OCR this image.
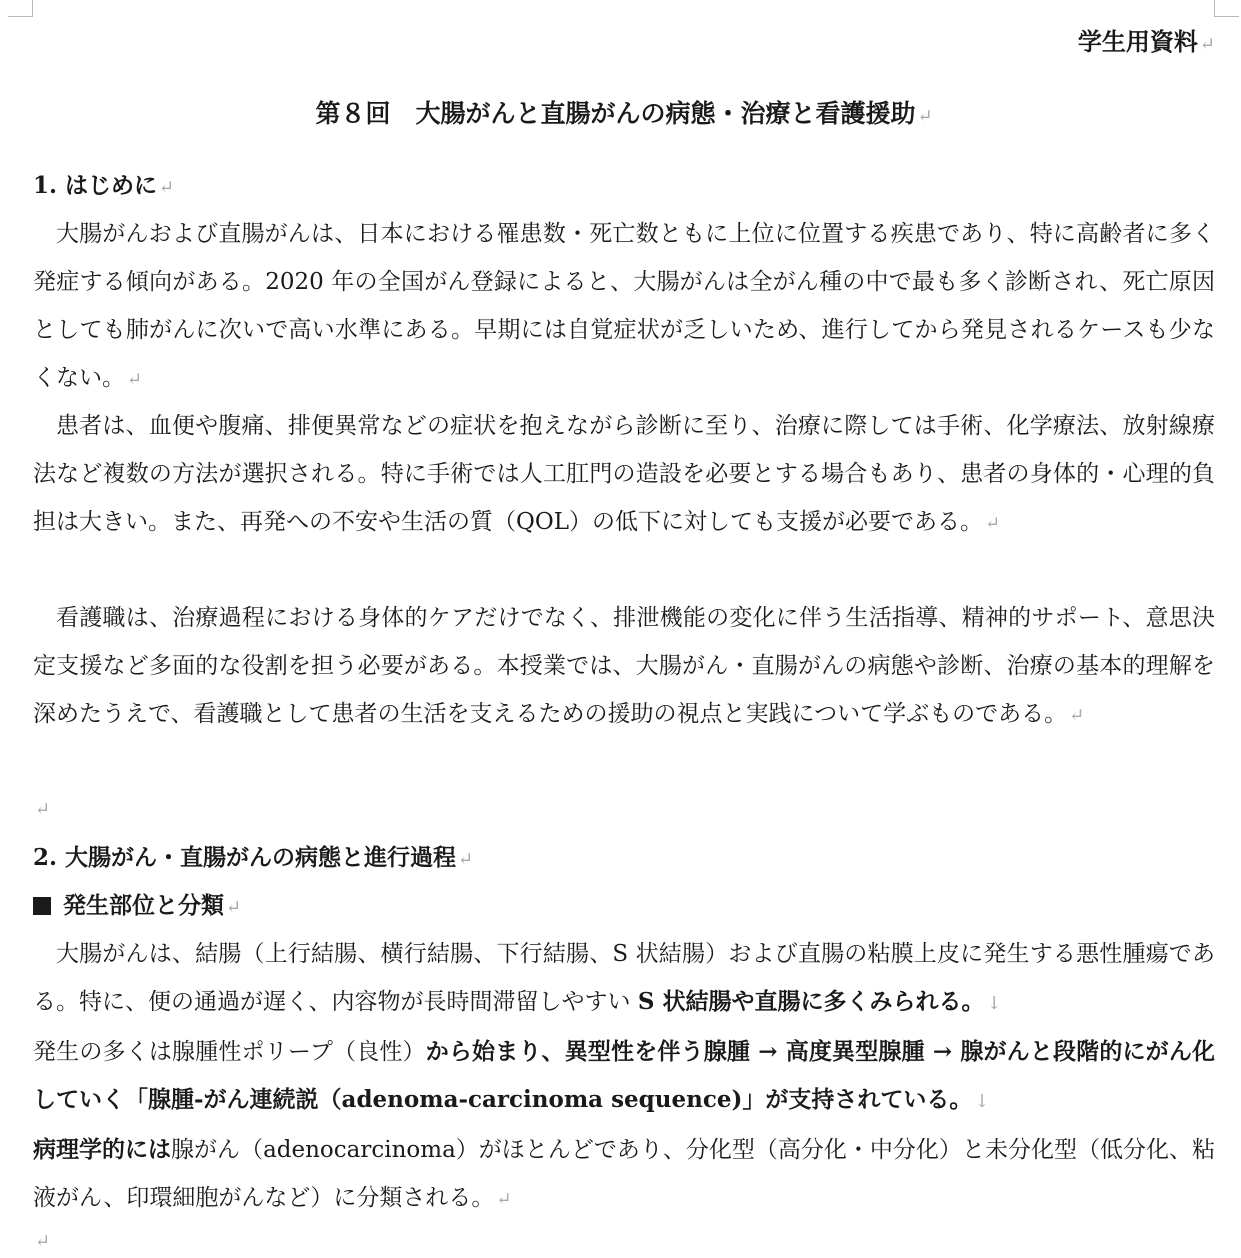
学生用資料 ↵
第８回　大腸がんと直腸がんの病態・治療と看護援助 ↵
1. はじめに ↵
大腸がんおよび直腸がんは、日本における罹患数・死亡数ともに上位に位置する疾患であり、特に高齢者に多く発症する傾向がある。2020 年の全国がん登録によると、大腸がんは全がん種の中で最も多く診断され、死亡原因としても肺がんに次いで高い水準にある。早期には自覚症状が乏しいため、進行してから発見されるケースも少なくない。 ↵
患者は、血便や腹痛、排便異常などの症状を抱えながら診断に至り、治療に際しては手術、化学療法、放射線療法など複数の方法が選択される。特に手術では人工肛門の造設を必要とする場合もあり、患者の身体的・心理的負担は大きい。また、再発への不安や生活の質（QOL）の低下に対しても支援が必要である。 ↵
看護職は、治療過程における身体的ケアだけでなく、排泄機能の変化に伴う生活指導、精神的サポート、意思決定支援など多面的な役割を担う必要がある。本授業では、大腸がん・直腸がんの病態や診断、治療の基本的理解を深めたうえで、看護職として患者の生活を支えるための援助の視点と実践について学ぶものである。 ↵
↵
2. 大腸がん・直腸がんの病態と進行過程 ↵
発生部位と分類 ↵
大腸がんは、結腸（上行結腸、横行結腸、下行結腸、S 状結腸）および直腸の粘膜上皮に発生する悪性腫瘍である。特に、便の通過が遅く、内容物が長時間滞留しやすい S 状結腸や直腸に多くみられる。 ↓
発生の多くは腺腫性ポリープ（良性）から始まり、異型性を伴う腺腫 → 高度異型腺腫 → 腺がんと段階的にがん化していく「腺腫-がん連続説（adenoma-carcinoma sequence)」が支持されている。 ↓
病理学的には腺がん（adenocarcinoma）がほとんどであり、分化型（高分化・中分化）と未分化型（低分化、粘液がん、印環細胞がんなど）に分類される。 ↵
↵
